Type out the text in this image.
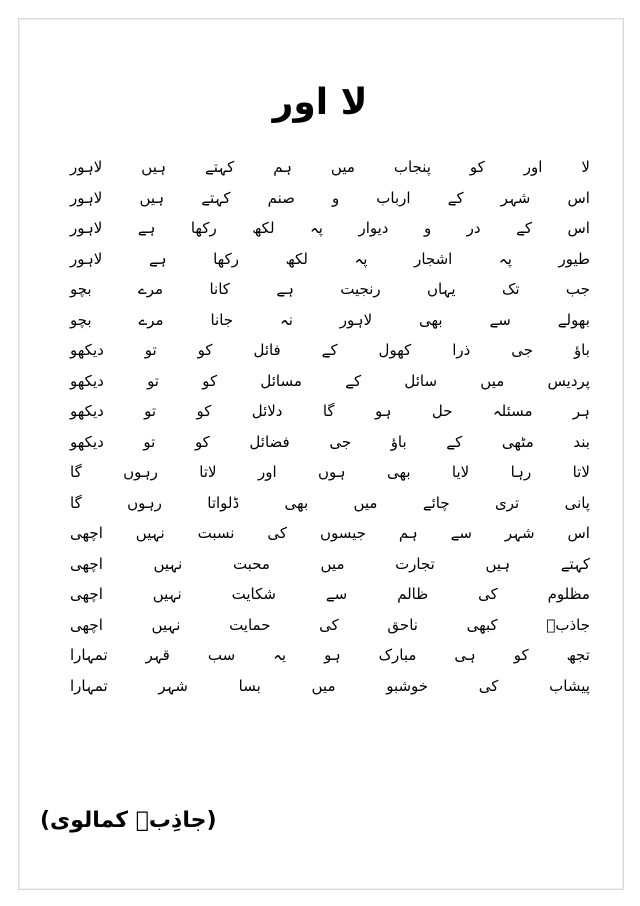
لا اور
لا
اور
کو
پنجاب
میں
ہم
کہتے
ہیں
لاہور
اس
شہر
کے
ارباب
و
صنم
کہتے
ہیں
لاہور
اس
کے
در
و
دیوار
پہ
لکھ
رکھا
ہے
لاہور
طیور
پہ
اشجار
پہ
لکھ
رکھا
ہے
لاہور
جب
تک
یہاں
رنجیت
ہے
کانا
مرے
بچو
بھولے
سے
بھی
لاہور
نہ
جانا
مرے
بچو
باؤ
جی
ذرا
کھول
کے
فائل
کو
تو
دیکھو
پردیس
میں
سائل
کے
مسائل
کو
تو
دیکھو
ہر
مسئلہ
حل
ہو
گا
دلائل
کو
تو
دیکھو
بند
مٹھی
کے
باؤ
جی
فضائل
کو
تو
دیکھو
لاتا
رہا
لایا
بھی
ہوں
اور
لاتا
رہوں
گا
پانی
تری
چائے
میں
بھی
ڈلواتا
رہوں
گا
اس
شہر
سے
ہم
جیسوں
کی
نسبت
نہیں
اچھی
کہتے
ہیں
تجارت
میں
محبت
نہیں
اچھی
مظلوم
کی
ظالم
سے
شکایت
نہیں
اچھی
جاذبؔ
کبھی
ناحق
کی
حمایت
نہیں
اچھی
تجھ
کو
ہی
مبارک
ہو
یہ
سب
قہر
تمہارا
پیشاب
کی
خوشبو
میں
بسا
شہر
تمہارا
(جاذِبؔ کمالوی)
